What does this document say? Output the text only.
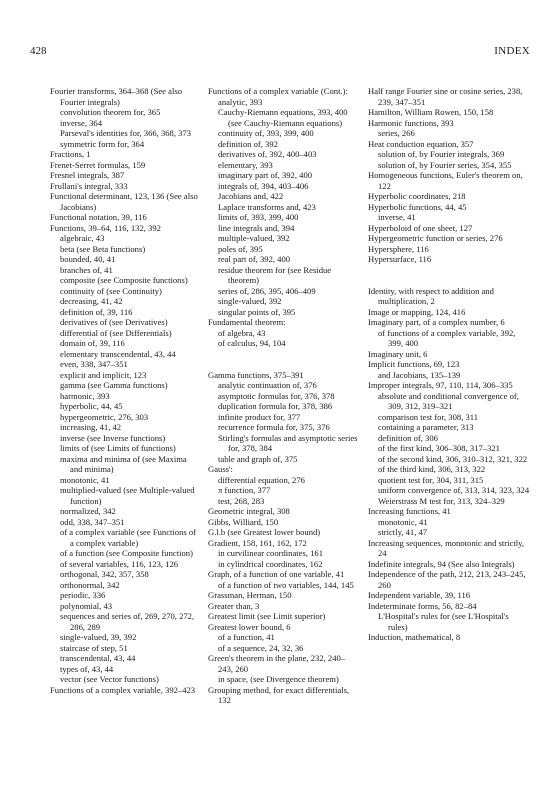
428	INDEX
Fourier transforms, 364–368 (See also Fourier integrals)
convolution theorem for, 365
inverse, 364
Parseval's identities for, 366, 368, 373
symmetric form for, 364
Fractions, 1
Frenet-Serret formulas, 159
Fresnel integrals, 387
Frullani's integral, 333
Functional determinant, 123, 136 (See also Jacobians)
Functional notation, 39, 116
Functions, 39–64, 116, 132, 392
algebraic, 43
beta (see Beta functions)
bounded, 40, 41
branches of, 41
composite (see Composite functions)
continuity of (see Continuity)
decreasing, 41, 42
definition of, 39, 116
derivatives of (see Derivatives)
differential of (see Differentials)
domain of, 39, 116
elementary transcendental, 43, 44
even, 338, 347–351
explicit and implicit, 123
gamma (see Gamma functions)
harmonic, 393
hyperbolic, 44, 45
hypergeometric, 276, 303
increasing, 41, 42
inverse (see Inverse functions)
limits of (see Limits of functions)
maxima and minima of (see Maxima and minima)
monotonic, 41
multiplied-valued (see Multiple-valued function)
normalized, 342
odd, 338, 347–351
of a complex variable (see Functions of a complex variable)
of a function (see Composite function)
of several variables, 116, 123, 126
orthogonal, 342, 357, 358
orthonormal, 342
periodic, 336
polynomial, 43
sequences and series of, 269, 270, 272, 286, 289
single-valued, 39, 392
staircase of step, 51
transcendental, 43, 44
types of, 43, 44
vector (see Vector functions)
Functions of a complex variable, 392–423
Functions of a complex variable (Cont.):
analytic, 393
Cauchy-Riemann equations, 393, 400 (see Cauchy-Riemann equations)
continuity of, 393, 399, 400
definition of, 392
derivatives of, 392, 400–403
elementary, 393
imaginary part of, 392, 400
integrals of, 394, 403–406
Jacobians and, 422
Laplace transforms and, 423
limits of, 393, 399, 400
line integrals and, 394
multiple-valued, 392
poles of, 395
real part of, 392, 400
residue theorem for (see Residue theorem)
series of, 286, 395, 406–409
single-valued, 392
singular points of, 395
Fundamental theorem:
of algebra, 43
of calculus, 94, 104
Gamma functions, 375–391
analytic continuation of, 376
asymptotic formulas for, 376, 378
duplication formula for, 378, 386
infinite product for, 377
recurrence formula for, 375, 376
Stirling's formulas and asymptotic series for, 378, 384
table and graph of, 375
Gauss':
differential equation, 276
π function, 377
test, 268, 283
Geometric integral, 308
Gibbs, Williard, 150
G.l.b (see Greatest lower bound)
Gradient, 158, 161, 162, 172
in curvilinear coordinates, 161
in cylindrical coordinates, 162
Graph, of a function of one variable, 41
of a function of two variables, 144, 145
Grassman, Herman, 150
Greater than, 3
Greatest limit (see Limit superior)
Greatest lower bound, 6
of a function, 41
of a sequence, 24, 32, 36
Green's theorem in the plane, 232, 240–243, 260
in space, (see Divergence theorem)
Grouping method, for exact differentials, 132
Half range Fourier sine or cosine series, 238, 239, 347–351
Hamilton, William Rowen, 150, 158
Harmonic functions, 393
series, 266
Heat conduction equation, 357
solution of, by Fourier integrals, 369
solution of, by Fourier series, 354, 355
Homogeneous functions, Euler's theorem on, 122
Hyperbolic coordinates, 218
Hyperbolic functions, 44, 45
inverse, 41
Hyperboloid of one sheet, 127
Hypergeometric function or series, 276
Hypersphere, 116
Hypersurface, 116
Identity, with respect to addition and multiplication, 2
Image or mapping, 124, 416
Imaginary part, of a complex number, 6
of functions of a complex variable, 392, 399, 400
Imaginary unit, 6
Implicit functions, 69, 123
and Jacobians, 135–139
Improper integrals, 97, 110, 114, 306–335
absolute and conditional convergence of, 309, 312, 319–321
comparison test for, 308, 311
containing a parameter, 313
definition of, 306
of the first kind, 306–308, 317–321
of the second kind, 306, 310–312, 321, 322
of the third kind, 306, 313, 322
quotient test for, 304, 311, 315
uniform convergence of, 313, 314, 323, 324
Weierstrass M test for, 313, 324–329
Increasing functions, 41
monotonic, 41
strictly, 41, 47
Increasing sequences, monotonic and strictly, 24
Indefinite integrals, 94 (See also Integrals)
Independence of the path, 212, 213, 243–245, 260
Independent variable, 39, 116
Indeterminate forms, 56, 82–84
L'Hospital's rules for (see L'Hospital's rules)
Induction, mathematical, 8
